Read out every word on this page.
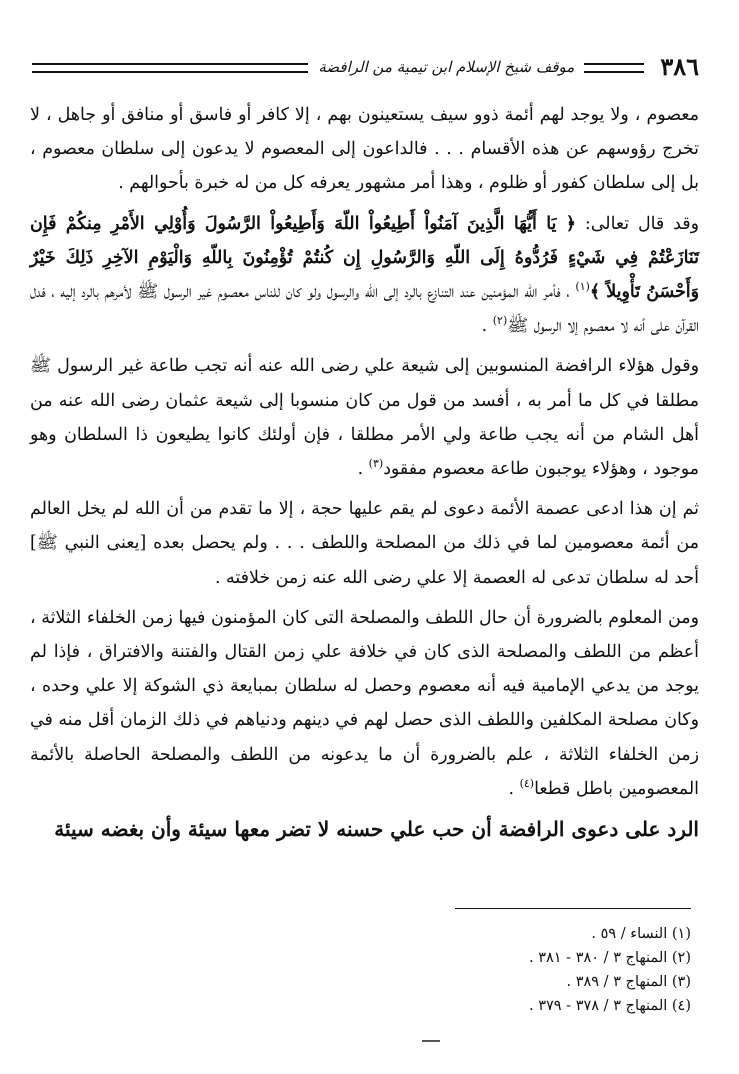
٣٨٦
موقف شيخ الإسلام ابن تيمية من الرافضة

معصوم ، ولا يوجد لهم أئمة ذوو سيف يستعينون بهم ، إلا كافر أو فاسق أو منافق أو جاهل ، لا تخرج رؤوسهم عن هذه الأقسام . . . فالداعون إلى المعصوم لا يدعون إلى سلطان معصوم ، بل إلى سلطان كفور أو ظلوم ، وهذا أمر مشهور يعرفه كل من له خبرة بأحوالهم .

وقد قال تعالى: ﴿ يَا أَيُّهَا الَّذِينَ آمَنُواْ أَطِيعُواْ اللّهَ وَأَطِيعُواْ الرَّسُولَ وَأُوْلِي الأَمْرِ مِنكُمْ فَإِن تَنَازَعْتُمْ فِي شَيْءٍ فَرُدُّوهُ إِلَى اللّهِ وَالرَّسُولِ إِن كُنتُمْ تُؤْمِنُونَ بِاللّهِ وَالْيَوْمِ الآخِرِ ذَلِكَ خَيْرٌ وَأَحْسَنُ تَأْوِيلاً ﴾$^{(١)}$ ، فأمر الله المؤمنين عند التنازع بالرد إلى الله والرسول ولو كان للناس معصوم غير الرسول ﷺ لأمرهم بالرد إليه ، فدل القرآن على أنه لا معصوم إلا الرسول ﷺ$^{(٢)}$ .

وقول هؤلاء الرافضة المنسوبين إلى شيعة علي رضى الله عنه أنه تجب طاعة غير الرسول ﷺ مطلقا في كل ما أمر به ، أفسد من قول من كان منسوبا إلى شيعة عثمان رضى الله عنه من أهل الشام من أنه يجب طاعة ولي الأمر مطلقا ، فإن أولئك كانوا يطيعون ذا السلطان وهو موجود ، وهؤلاء يوجبون طاعة معصوم مفقود$^{(٣)}$ .

ثم إن هذا ادعى عصمة الأئمة دعوى لم يقم عليها حجة ، إلا ما تقدم من أن الله لم يخل العالم من أئمة معصومين لما في ذلك من المصلحة واللطف . . . ولم يحصل بعده [يعنى النبي ﷺ] أحد له سلطان تدعى له العصمة إلا علي رضى الله عنه زمن خلافته .

ومن المعلوم بالضرورة أن حال اللطف والمصلحة التى كان المؤمنون فيها زمن الخلفاء الثلاثة ، أعظم من اللطف والمصلحة الذى كان في خلافة علي زمن القتال والفتنة والافتراق ، فإذا لم يوجد من يدعي الإمامية فيه أنه معصوم وحصل له سلطان بمبايعة ذي الشوكة إلا علي وحده ، وكان مصلحة المكلفين واللطف الذى حصل لهم في دينهم ودنياهم في ذلك الزمان أقل منه في زمن الخلفاء الثلاثة ، علم بالضرورة أن ما يدعونه من اللطف والمصلحة الحاصلة بالأئمة المعصومين باطل قطعا$^{(٤)}$ .

الرد على دعوى الرافضة أن حب علي حسنه لا تضر معها سيئة وأن بغضه سيئة

(١) النساء / ٥٩ .
(٢) المنهاج ٣ / ٣٨٠ - ٣٨١ .
(٣) المنهاج ٣ / ٣٨٩ .
(٤) المنهاج ٣ / ٣٧٨ - ٣٧٩ .
